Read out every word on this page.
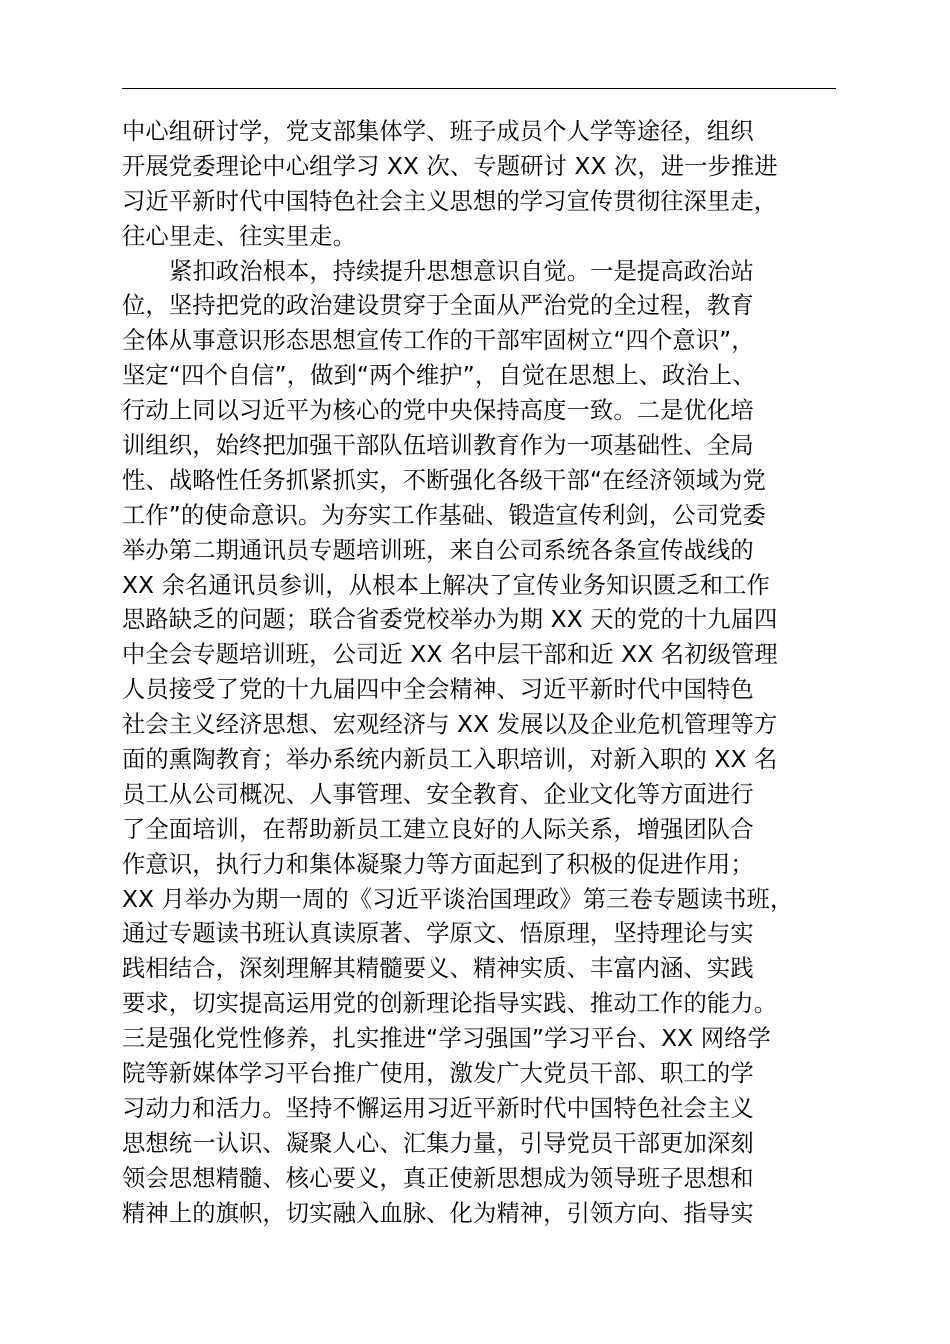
中心组研讨学，党支部集体学、班子成员个人学等途径，组织
开展党委理论中心组学习 XX 次、专题研讨 XX 次，进一步推进
习近平新时代中国特色社会主义思想的学习宣传贯彻往深里走，
往心里走、往实里走。
紧扣政治根本，持续提升思想意识自觉。一是提高政治站
位，坚持把党的政治建设贯穿于全面从严治党的全过程，教育
全体从事意识形态思想宣传工作的干部牢固树立“四个意识”，
坚定“四个自信”，做到“两个维护”，自觉在思想上、政治上、
行动上同以习近平为核心的党中央保持高度一致。二是优化培
训组织，始终把加强干部队伍培训教育作为一项基础性、全局
性、战略性任务抓紧抓实，不断强化各级干部“在经济领域为党
工作”的使命意识。为夯实工作基础、锻造宣传利剑，公司党委
举办第二期通讯员专题培训班，来自公司系统各条宣传战线的
XX 余名通讯员参训，从根本上解决了宣传业务知识匮乏和工作
思路缺乏的问题；联合省委党校举办为期 XX 天的党的十九届四
中全会专题培训班，公司近 XX 名中层干部和近 XX 名初级管理
人员接受了党的十九届四中全会精神、习近平新时代中国特色
社会主义经济思想、宏观经济与 XX 发展以及企业危机管理等方
面的熏陶教育；举办系统内新员工入职培训，对新入职的 XX 名
员工从公司概况、人事管理、安全教育、企业文化等方面进行
了全面培训，在帮助新员工建立良好的人际关系，增强团队合
作意识，执行力和集体凝聚力等方面起到了积极的促进作用；
XX 月举办为期一周的《习近平谈治国理政》第三卷专题读书班，
通过专题读书班认真读原著、学原文、悟原理，坚持理论与实
践相结合，深刻理解其精髓要义、精神实质、丰富内涵、实践
要求，切实提高运用党的创新理论指导实践、推动工作的能力。
三是强化党性修养，扎实推进“学习强国”学习平台、XX 网络学
院等新媒体学习平台推广使用，激发广大党员干部、职工的学
习动力和活力。坚持不懈运用习近平新时代中国特色社会主义
思想统一认识、凝聚人心、汇集力量，引导党员干部更加深刻
领会思想精髓、核心要义，真正使新思想成为领导班子思想和
精神上的旗帜，切实融入血脉、化为精神，引领方向、指导实
